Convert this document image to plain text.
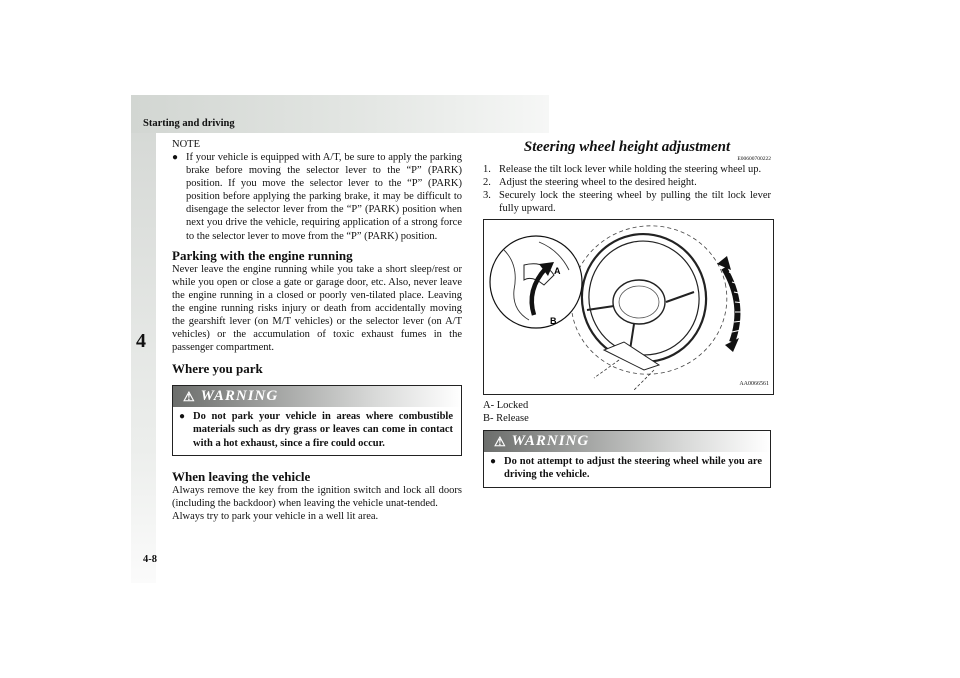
Starting and driving
4
4-8
NOTE
● If your vehicle is equipped with A/T, be sure to apply the parking brake before moving the selector lever to the “P” (PARK) position. If you move the selector lever to the “P” (PARK) position before applying the parking brake, it may be difficult to disengage the selector lever from the “P” (PARK) position when next you drive the vehicle, requiring application of a strong force to the selector lever to move from the “P” (PARK) position.
Parking with the engine running
Never leave the engine running while you take a short sleep/rest or while you open or close a gate or garage door, etc. Also, never leave the engine running in a closed or poorly ven-tilated place. Leaving the engine running risks injury or death from accidentally moving the gearshift lever (on M/T vehicles) or the selector lever (on A/T vehicles) or the accumulation of toxic exhaust fumes in the passenger compartment.
Where you park
⚠ WARNING
● Do not park your vehicle in areas where combustible materials such as dry grass or leaves can come in contact with a hot exhaust, since a fire could occur.
When leaving the vehicle
Always remove the key from the ignition switch and lock all doors (including the backdoor) when leaving the vehicle unat-tended.
Always try to park your vehicle in a well lit area.
Steering wheel height adjustment
E00600700222
1. Release the tilt lock lever while holding the steering wheel up.
2. Adjust the steering wheel to the desired height.
3. Securely lock the steering wheel by pulling the tilt lock lever fully upward.
A
B
AA0066561
A- Locked
B- Release
⚠ WARNING
● Do not attempt to adjust the steering wheel while you are driving the vehicle.
